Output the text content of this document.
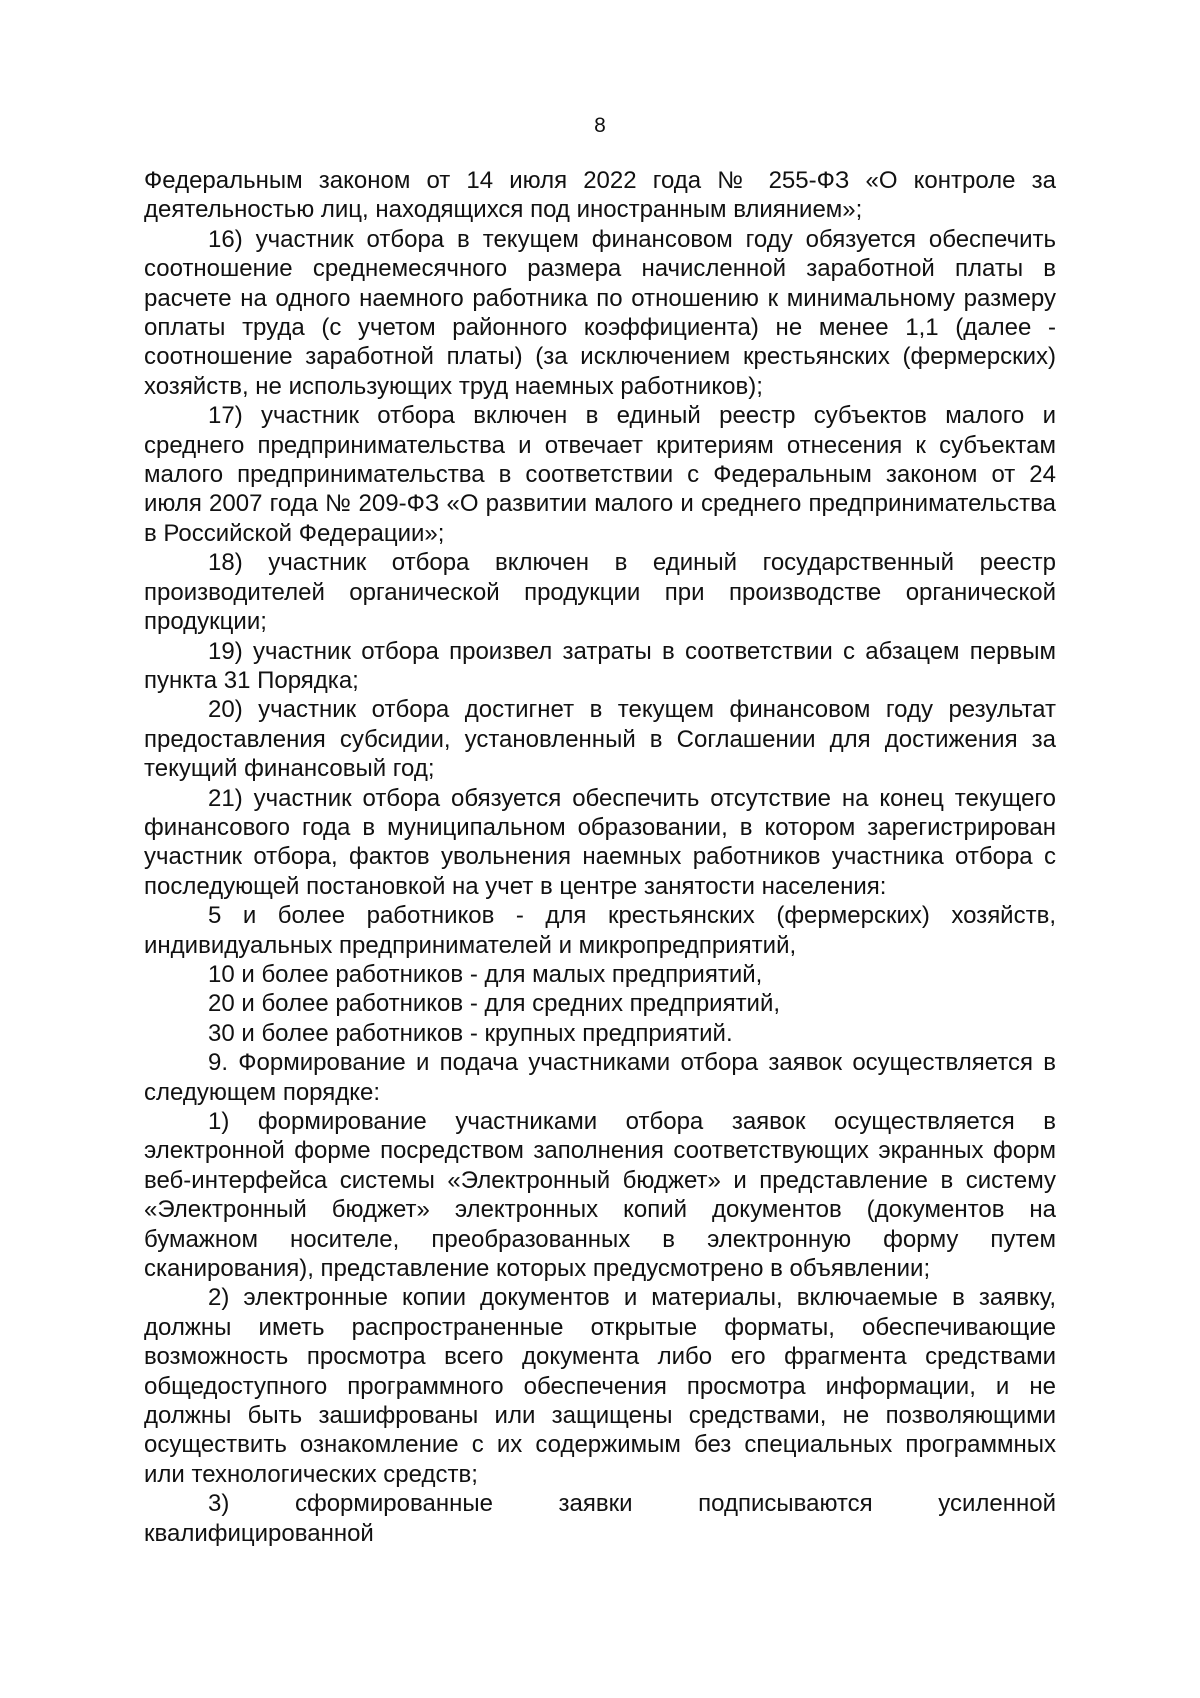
8

Федеральным законом от 14 июля 2022 года № 255-ФЗ «О контроле за деятельностью лиц, находящихся под иностранным влиянием»;

16) участник отбора в текущем финансовом году обязуется обеспечить соотношение среднемесячного размера начисленной заработной платы в расчете на одного наемного работника по отношению к минимальному размеру оплаты труда (с учетом районного коэффициента) не менее 1,1 (далее - соотношение заработной платы) (за исключением крестьянских (фермерских) хозяйств, не использующих труд наемных работников);

17) участник отбора включен в единый реестр субъектов малого и среднего предпринимательства и отвечает критериям отнесения к субъектам малого предпринимательства в соответствии с Федеральным законом от 24 июля 2007 года № 209-ФЗ «О развитии малого и среднего предпринимательства в Российской Федерации»;

18) участник отбора включен в единый государственный реестр производителей органической продукции при производстве органической продукции;

19) участник отбора произвел затраты в соответствии с абзацем первым пункта 31 Порядка;

20) участник отбора достигнет в текущем финансовом году результат предоставления субсидии, установленный в Соглашении для достижения за текущий финансовый год;

21) участник отбора обязуется обеспечить отсутствие на конец текущего финансового года в муниципальном образовании, в котором зарегистрирован участник отбора, фактов увольнения наемных работников участника отбора с последующей постановкой на учет в центре занятости населения:

5 и более работников - для крестьянских (фермерских) хозяйств, индивидуальных предпринимателей и микропредприятий,

10 и более работников - для малых предприятий,

20 и более работников - для средних предприятий,

30 и более работников - крупных предприятий.

9. Формирование и подача участниками отбора заявок осуществляется в следующем порядке:

1) формирование участниками отбора заявок осуществляется в электронной форме посредством заполнения соответствующих экранных форм веб-интерфейса системы «Электронный бюджет» и представление в систему «Электронный бюджет» электронных копий документов (документов на бумажном носителе, преобразованных в электронную форму путем сканирования), представление которых предусмотрено в объявлении;

2) электронные копии документов и материалы, включаемые в заявку, должны иметь распространенные открытые форматы, обеспечивающие возможность просмотра всего документа либо его фрагмента средствами общедоступного программного обеспечения просмотра информации, и не должны быть зашифрованы или защищены средствами, не позволяющими осуществить ознакомление с их содержимым без специальных программных или технологических средств;

3) сформированные заявки подписываются усиленной квалифицированной
